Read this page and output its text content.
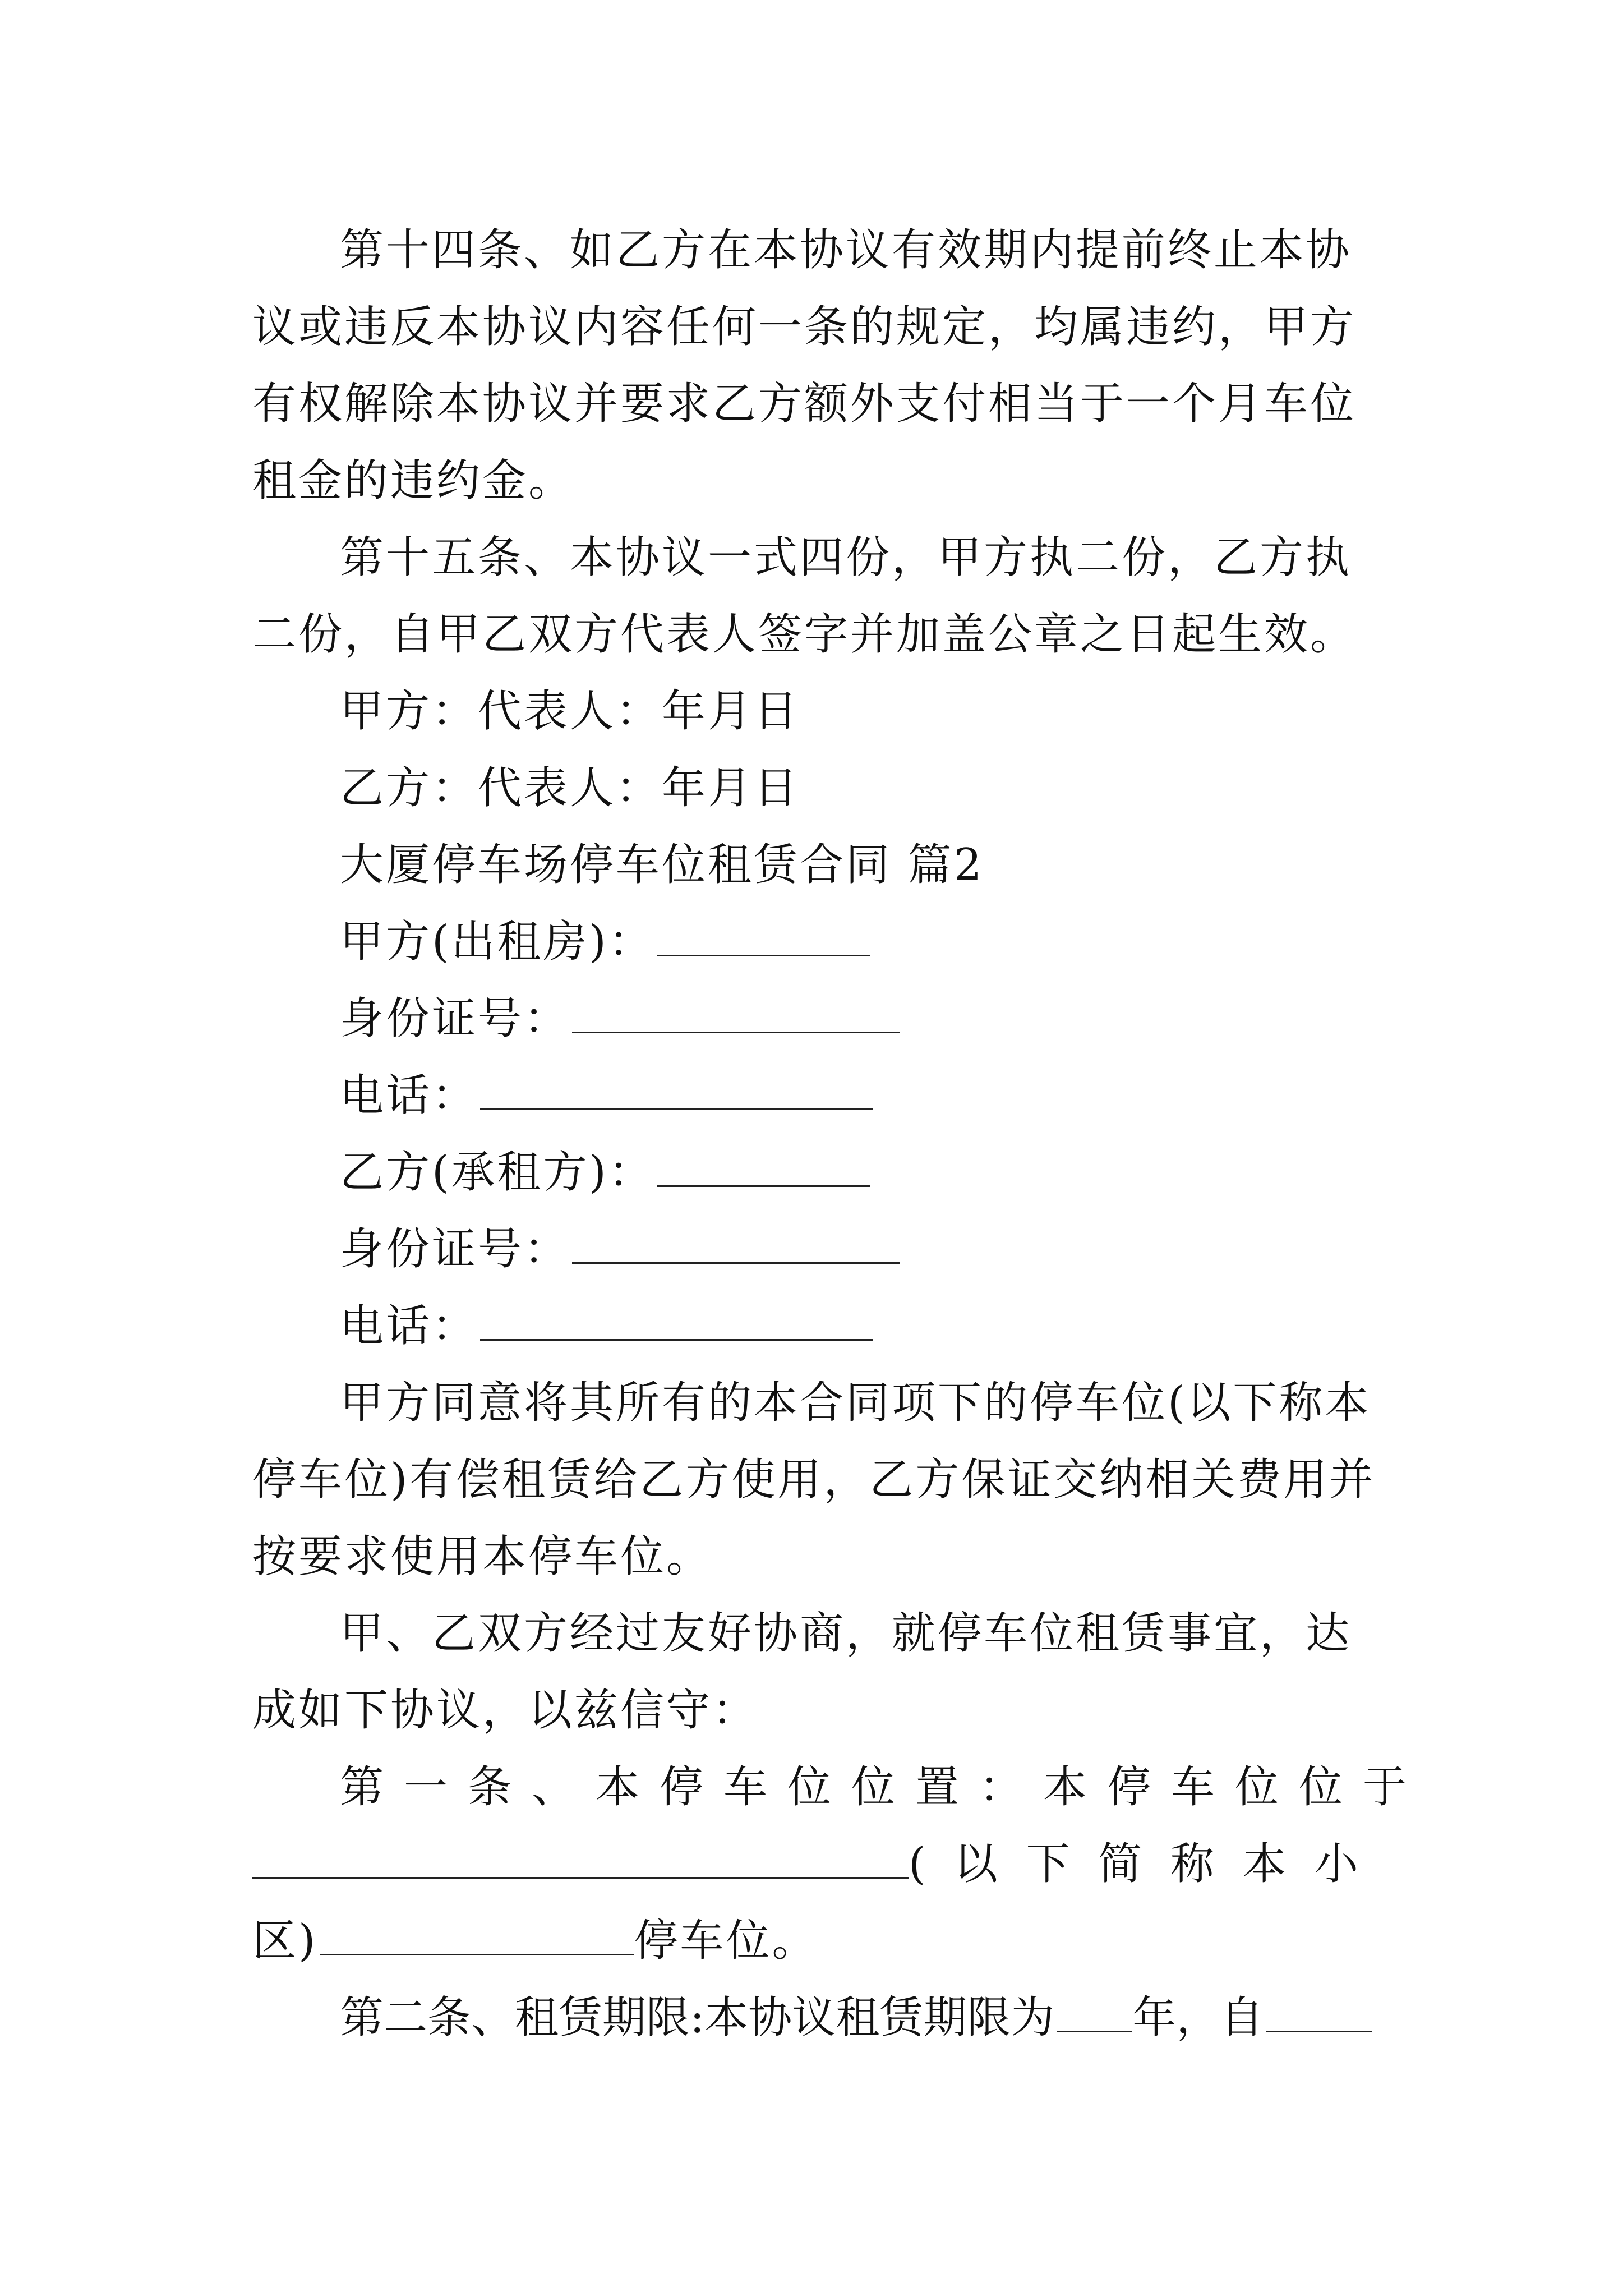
第十四条、如乙方在本协议有效期内提前终止本协议或违反本协议内容任何一条的规定，均属违约，甲方有权解除本协议并要求乙方额外支付相当于一个月车位租金的违约金。

第十五条、本协议一式四份，甲方执二份，乙方执二份，自甲乙双方代表人签字并加盖公章之日起生效。

甲方：代表人：年月日

乙方：代表人：年月日

大厦停车场停车位租赁合同 篇2

甲方(出租房)：

身份证号：

电话：

乙方(承租方)：

身份证号：

电话：

甲方同意将其所有的本合同项下的停车位(以下称本停车位)有偿租赁给乙方使用，乙方保证交纳相关费用并按要求使用本停车位。

甲、乙双方经过友好协商，就停车位租赁事宜，达成如下协议，以兹信守：

第一条、本停车位位置：本停车位位于

(以下简称本小

区)	停车位。

第二条、租赁期限:本协议租赁期限为 年，自
